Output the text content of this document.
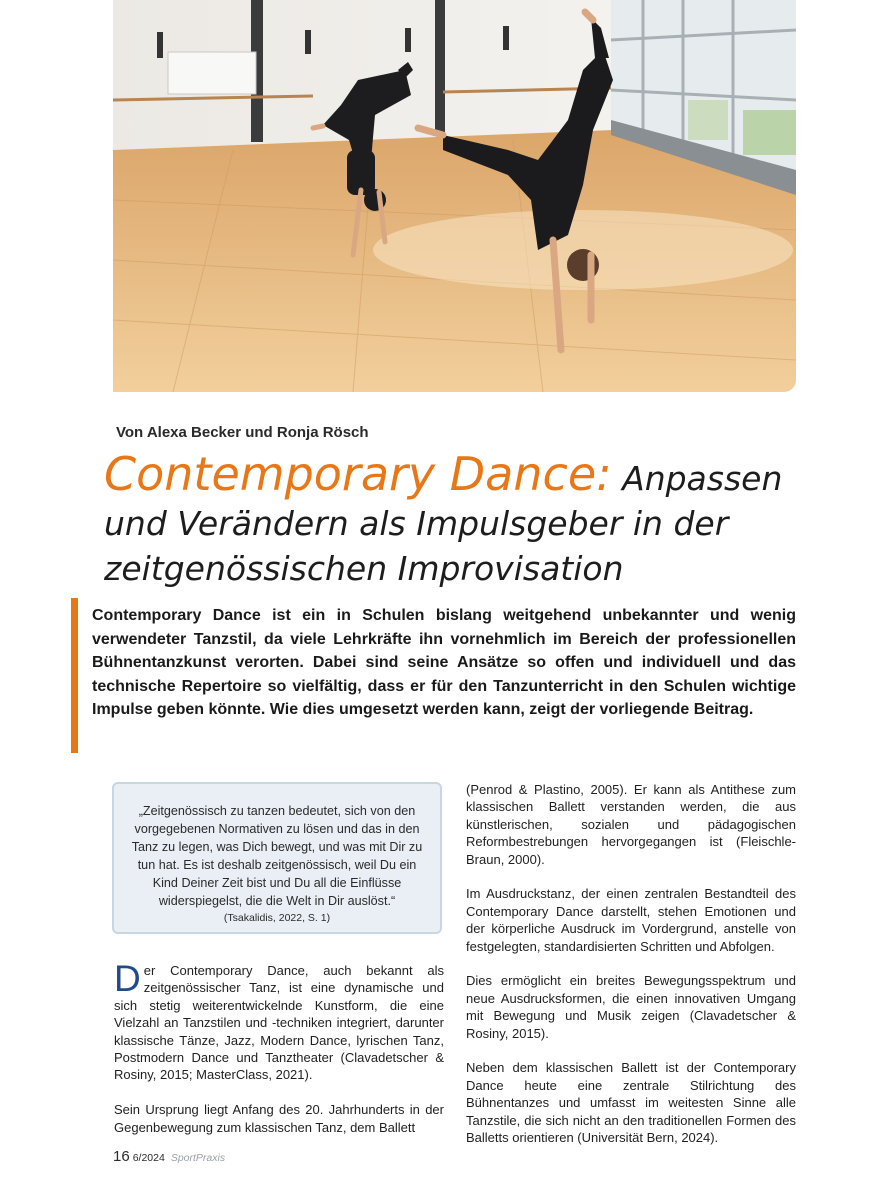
Von Alexa Becker und Ronja Rösch
Contemporary Dance: Anpassen und Verändern als Impulsgeber in der zeitgenössischen Improvisation

Contemporary Dance ist ein in Schulen bislang weitgehend unbekannter und wenig verwendeter Tanzstil, da viele Lehrkräfte ihn vornehmlich im Bereich der professionellen Bühnentanzkunst verorten. Dabei sind seine Ansätze so offen und individuell und das technische Repertoire so vielfältig, dass er für den Tanzunterricht in den Schulen wichtige Impulse geben könnte. Wie dies umgesetzt werden kann, zeigt der vorliegende Beitrag.

„Zeitgenössisch zu tanzen bedeutet, sich von den vorgegebenen Normativen zu lösen und das in den Tanz zu legen, was Dich bewegt, und was mit Dir zu tun hat. Es ist deshalb zeitgenössisch, weil Du ein Kind Deiner Zeit bist und Du all die Einflüsse widerspiegelst, die die Welt in Dir auslöst.“

(Tsakalidis, 2022, S. 1)

Der Contemporary Dance, auch bekannt als zeitgenössischer Tanz, ist eine dynamische und sich stetig weiterentwickelnde Kunstform, die eine Vielzahl an Tanzstilen und -techniken integriert, darunter klassische Tänze, Jazz, Modern Dance, lyrischen Tanz, Postmodern Dance und Tanztheater (Clavadetscher & Rosiny, 2015; MasterClass, 2021).

Sein Ursprung liegt Anfang des 20. Jahrhunderts in der Gegenbewegung zum klassischen Tanz, dem Ballett

(Penrod & Plastino, 2005). Er kann als Antithese zum klassischen Ballett verstanden werden, die aus künstlerischen, sozialen und pädagogischen Reformbestrebungen hervorgegangen ist (Fleischle-Braun, 2000).

Im Ausdruckstanz, der einen zentralen Bestandteil des Contemporary Dance darstellt, stehen Emotionen und der körperliche Ausdruck im Vordergrund, anstelle von festgelegten, standardisierten Schritten und Abfolgen.

Dies ermöglicht ein breites Bewegungsspektrum und neue Ausdrucksformen, die einen innovativen Umgang mit Bewegung und Musik zeigen (Clavadetscher & Rosiny, 2015).

Neben dem klassischen Ballett ist der Contemporary Dance heute eine zentrale Stilrichtung des Bühnentanzes und umfasst im weitesten Sinne alle Tanzstile, die sich nicht an den traditionellen Formen des Balletts orientieren (Universität Bern, 2024).

16 6/2024 SportPraxis
